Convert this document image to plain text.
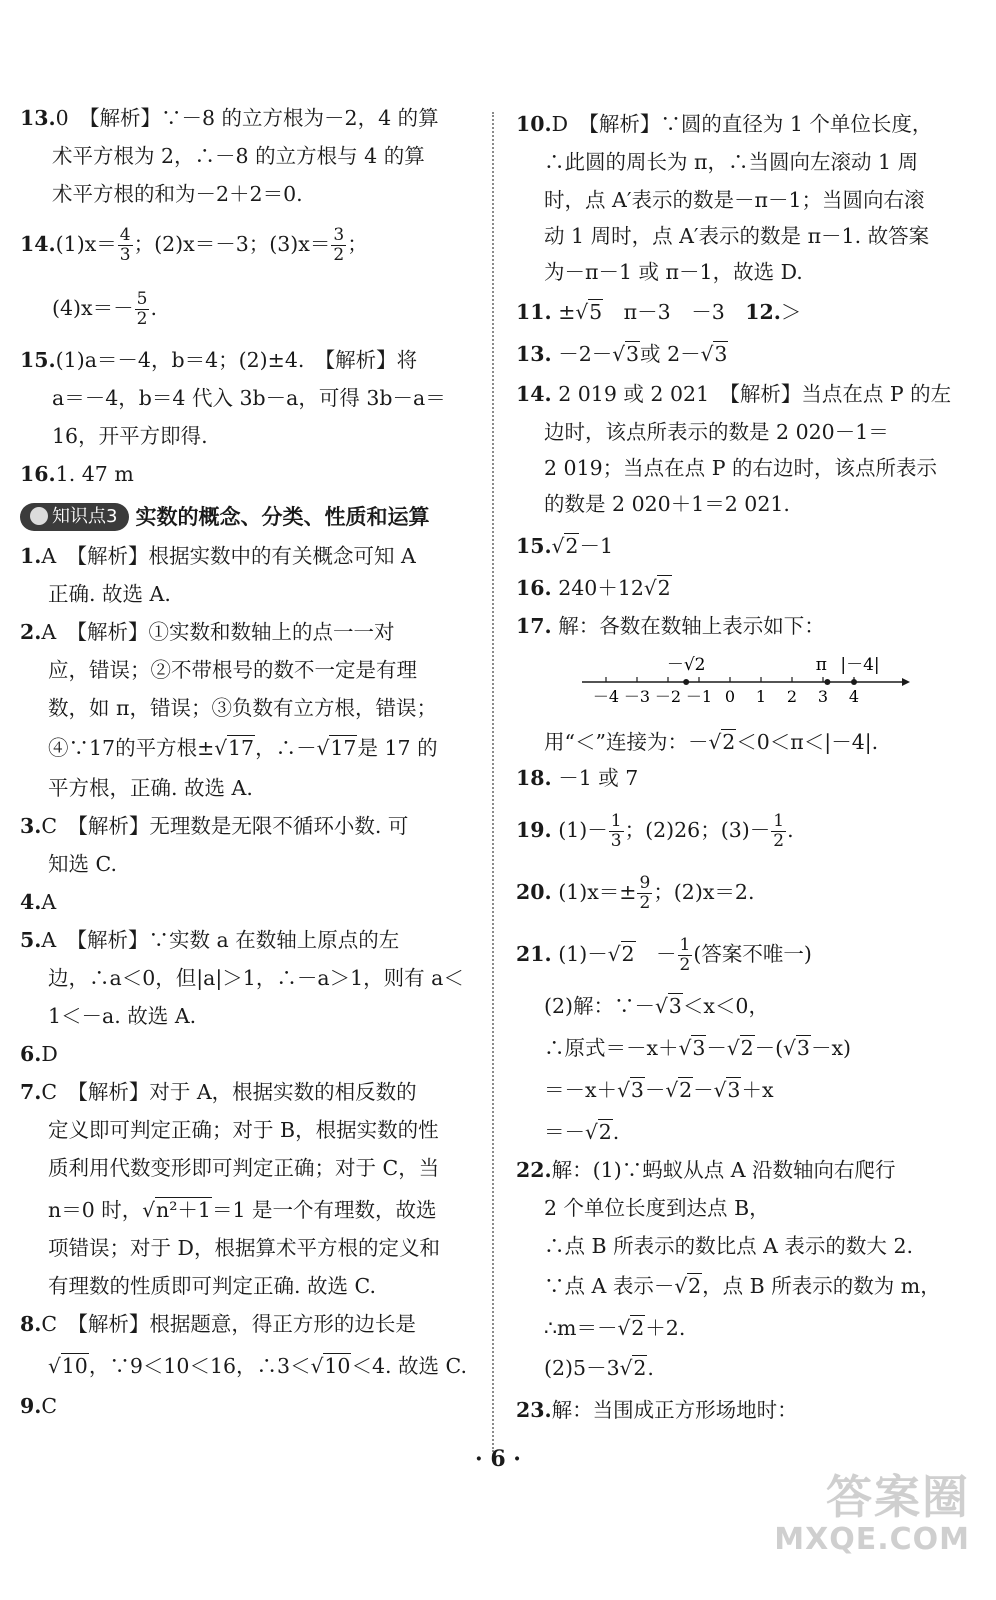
13.0　【解析】∵－8 的立方根为－2，4 的算
术平方根为 2，∴－8 的立方根与 4 的算
术平方根的和为－2＋2＝0.
$14.(1)x= \frac{4}{3}$ ；(2)x＝－3；$(3)x= \frac{3}{2}$ ；
$(4)x=- \frac{5}{2}$ .
15.(1)a＝－4，b＝4；(2)±4.　【解析】将
a＝－4，b＝4 代入 3b－a，可得 3b－a＝
16，开平方即得.
16.1. 47 m
知识点3 实数的概念、分类、性质和运算
1.A　【解析】根据实数中的有关概念可知 A
正确. 故选 A.
2.A　【解析】①实数和数轴上的点一一对
应，错误；②不带根号的数不一定是有理
数，如 π，错误；③负数有立方根，错误；
④∵17的平方根±√17，∴－√17是 17 的
平方根，正确. 故选 A.
3.C　【解析】无理数是无限不循环小数. 可
知选 C.
4.A
5.A　【解析】∵实数 a 在数轴上原点的左
边，∴a＜0，但|a|＞1，∴－a＞1，则有 a＜
1＜－a. 故选 A.
6.D
7.C　【解析】对于 A，根据实数的相反数的
定义即可判定正确；对于 B，根据实数的性
质利用代数变形即可判定正确；对于 C，当
n＝0 时，√n²＋1＝1 是一个有理数，故选
项错误；对于 D，根据算术平方根的定义和
有理数的性质即可判定正确. 故选 C.
8.C　【解析】根据题意，得正方形的边长是
√10，∵9＜10＜16，∴3＜√10＜4. 故选 C.
9.C
10.D　【解析】∵圆的直径为 1 个单位长度，
∴此圆的周长为 π，∴当圆向左滚动 1 周
时，点 A′表示的数是－π－1；当圆向右滚
动 1 周时，点 A′表示的数是 π－1. 故答案
为－π－1 或 π－1，故选 D.
11. ±√5　π－3　－3　 12.＞
13. －2－√3或 2－√3
14. 2 019 或 2 021　【解析】当点在点 P 的左
边时，该点所表示的数是 2 020－1＝
2 019；当点在点 P 的右边时，该点所表示
的数是 2 020＋1＝2 021.
15.√2－1
16. 240＋12√2
17. 解：各数在数轴上表示如下：
－4 －3 －2 －1 0 1 2 3 4
－√2	π |－4|
用“＜”连接为：－√2＜0＜π＜|－4|.
18. －1 或 7
19. $(1)- \frac{1}{3}$ ；(2)26；$(3)- \frac{1}{2}$ .
20. $(1)x=\pm \frac{9}{2}$ ；(2)x＝2.
21. (1)－√2　－ $\frac{1}{2}$ (答案不唯一)
(2)解：∵－√3＜x＜0，
∴原式＝－x＋√3－√2－(√3－x)
＝－x＋√3－√2－√3＋x
＝－√2.
22.解：(1)∵蚂蚁从点 A 沿数轴向右爬行
2 个单位长度到达点 B，
∴点 B 所表示的数比点 A 表示的数大 2.
∵点 A 表示－√2，点 B 所表示的数为 m，
∴m＝－√2＋2.
(2)5－3√2.
23.解：当围成正方形场地时：
· 6 ·
答案圈
MXQE.COM
